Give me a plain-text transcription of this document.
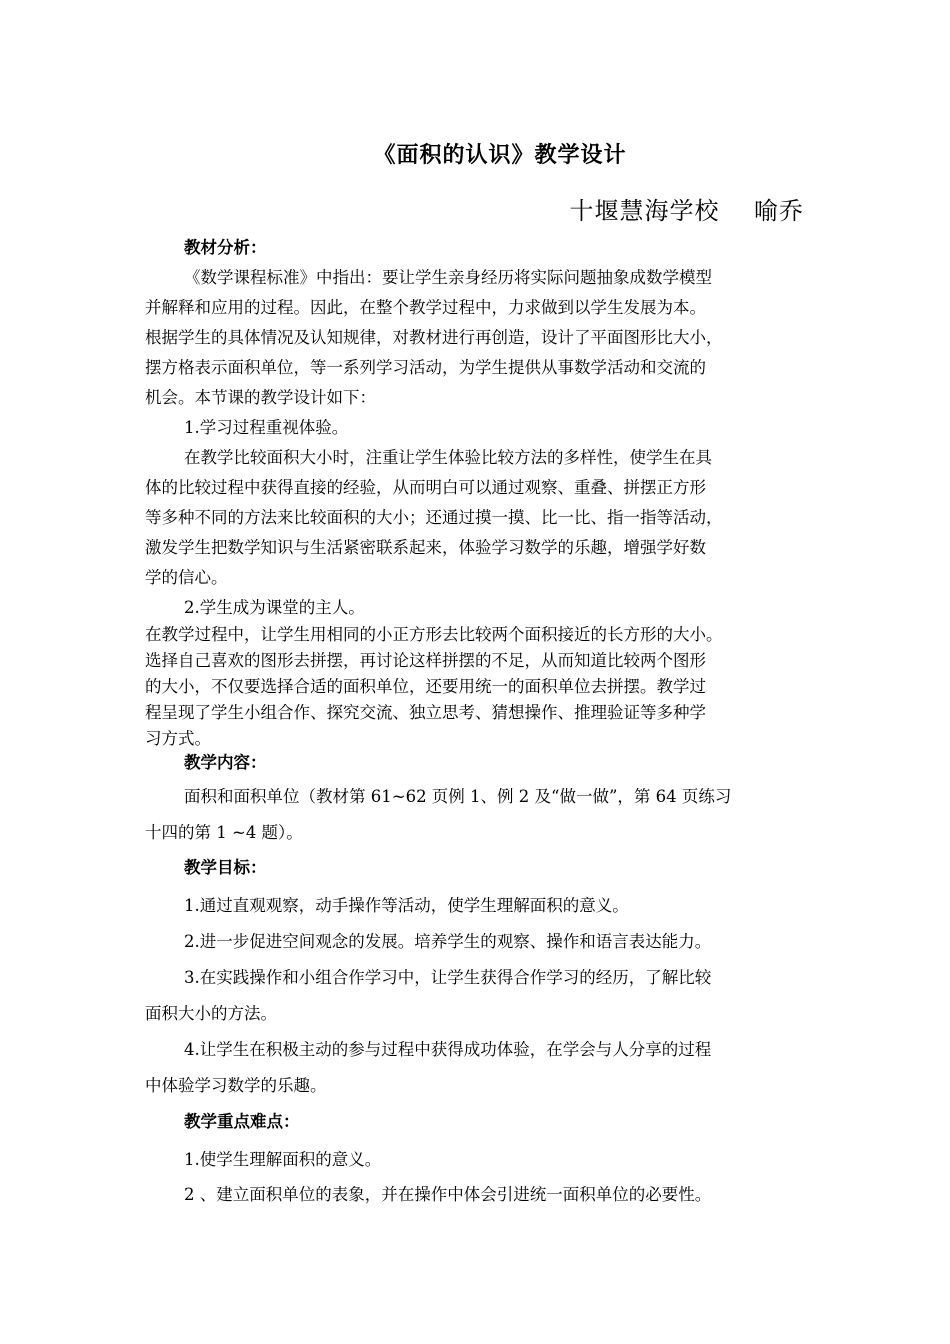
《面积的认识》教学设计
十堰慧海学校    喻乔
教材分析：
《数学课程标准》中指出：要让学生亲身经历将实际问题抽象成数学模型
并解释和应用的过程。因此，在整个教学过程中，力求做到以学生发展为本。
根据学生的具体情况及认知规律，对教材进行再创造，设计了平面图形比大小，
摆方格表示面积单位，等一系列学习活动，为学生提供从事数学活动和交流的
机会。本节课的教学设计如下：
1.学习过程重视体验。
在教学比较面积大小时，注重让学生体验比较方法的多样性，使学生在具
体的比较过程中获得直接的经验，从而明白可以通过观察、重叠、拼摆正方形
等多种不同的方法来比较面积的大小；还通过摸一摸、比一比、指一指等活动，
激发学生把数学知识与生活紧密联系起来，体验学习数学的乐趣，增强学好数
学的信心。
2.学生成为课堂的主人。
在教学过程中，让学生用相同的小正方形去比较两个面积接近的长方形的大小。
选择自己喜欢的图形去拼摆，再讨论这样拼摆的不足，从而知道比较两个图形
的大小，不仅要选择合适的面积单位，还要用统一的面积单位去拼摆。教学过
程呈现了学生小组合作、探究交流、独立思考、猜想操作、推理验证等多种学
习方式。
教学内容：
面积和面积单位（教材第 61~62 页例 1、例 2 及“做一做”，第 64 页练习
十四的第 1 ~4 题）。
教学目标：
1.通过直观观察，动手操作等活动，使学生理解面积的意义。
2.进一步促进空间观念的发展。培养学生的观察、操作和语言表达能力。
3.在实践操作和小组合作学习中，让学生获得合作学习的经历，了解比较
面积大小的方法。
4.让学生在积极主动的参与过程中获得成功体验，在学会与人分享的过程
中体验学习数学的乐趣。
教学重点难点：
1.使学生理解面积的意义。
2 、建立面积单位的表象，并在操作中体会引进统一面积单位的必要性。
